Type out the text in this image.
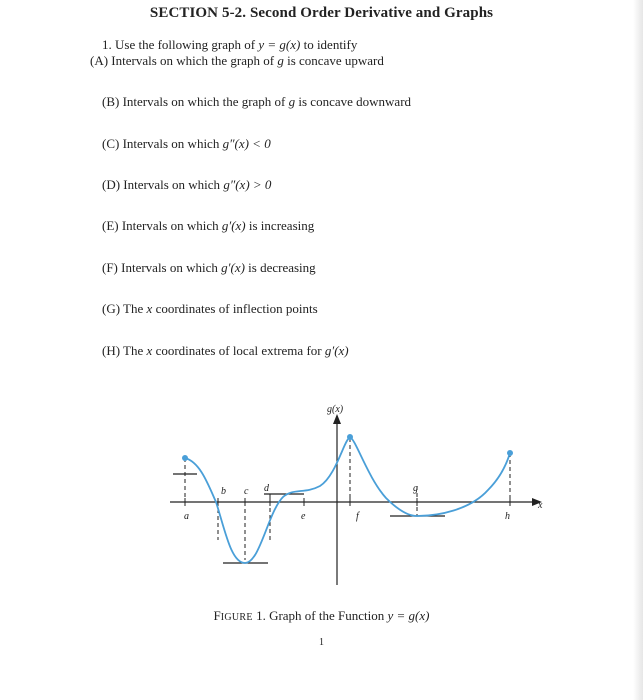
SECTION 5-2. Second Order Derivative and Graphs
1. Use the following graph of y = g(x) to identify
(A) Intervals on which the graph of g is concave upward
(B) Intervals on which the graph of g is concave downward
(C) Intervals on which g″(x) < 0
(D) Intervals on which g″(x) > 0
(E) Intervals on which g′(x) is increasing
(F) Intervals on which g′(x) is decreasing
(G) The x coordinates of inflection points
(H) The x coordinates of local extrema for g′(x)
g(x)
x
a
b c d
e	f
g
h
FIGURE 1. Graph of the Function y = g(x)
1
